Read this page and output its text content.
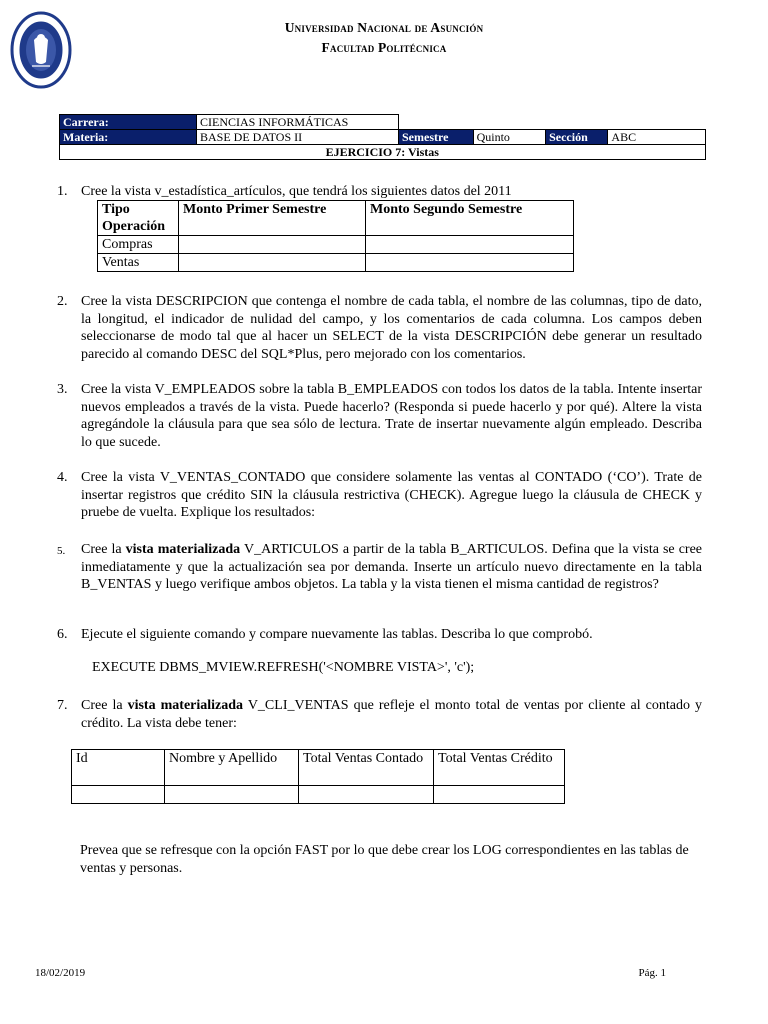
Universidad Nacional de Asunción
Facultad Politécnica
Carrera:	CIENCIAS INFORMÁTICAS				
Materia:	BASE DE DATOS II	Semestre	Quinto	Sección	ABC
EJERCICIO 7: Vistas					
1. Cree la vista v_estadística_artículos, que tendrá los siguientes datos del 2011
Tipo Operación	Monto Primer Semestre	Monto Segundo Semestre
Compras		
Ventas		
2. Cree la vista DESCRIPCION que contenga el nombre de cada tabla, el nombre de las columnas, tipo de dato, la longitud, el indicador de nulidad del campo, y los comentarios de cada columna. Los campos deben seleccionarse de modo tal que al hacer un SELECT de la vista DESCRIPCIÓN debe generar un resultado parecido al comando DESC del SQL*Plus, pero mejorado con los comentarios.
3. Cree la vista V_EMPLEADOS sobre la tabla B_EMPLEADOS con todos los datos de la tabla. Intente insertar nuevos empleados a través de la vista. Puede hacerlo? (Responda si puede hacerlo y por qué). Altere la vista agregándole la cláusula para que sea sólo de lectura. Trate de insertar nuevamente algún empleado. Describa lo que sucede.
4. Cree la vista V_VENTAS_CONTADO que considere solamente las ventas al CONTADO (‘CO’). Trate de insertar registros que crédito SIN la cláusula restrictiva (CHECK). Agregue luego la cláusula de CHECK y pruebe de vuelta. Explique los resultados:
5. Cree la vista materializada V_ARTICULOS a partir de la tabla B_ARTICULOS. Defina que la vista se cree inmediatamente y que la actualización sea por demanda. Inserte un artículo nuevo directamente en la tabla B_VENTAS y luego verifique ambos objetos. La tabla y la vista tienen el misma cantidad de registros?
6. Ejecute el siguiente comando y compare nuevamente las tablas. Describa lo que comprobó.
EXECUTE DBMS_MVIEW.REFRESH('<NOMBRE VISTA>', 'c');
7. Cree la vista materializada V_CLI_VENTAS que refleje el monto total de ventas por cliente al contado y crédito. La vista debe tener:
Id	Nombre y Apellido	Total Ventas Contado	Total Ventas Crédito

Prevea que se refresque con la opción FAST por lo que debe crear los LOG correspondientes en las tablas de ventas y personas.
18/02/2019	Pág. 1
